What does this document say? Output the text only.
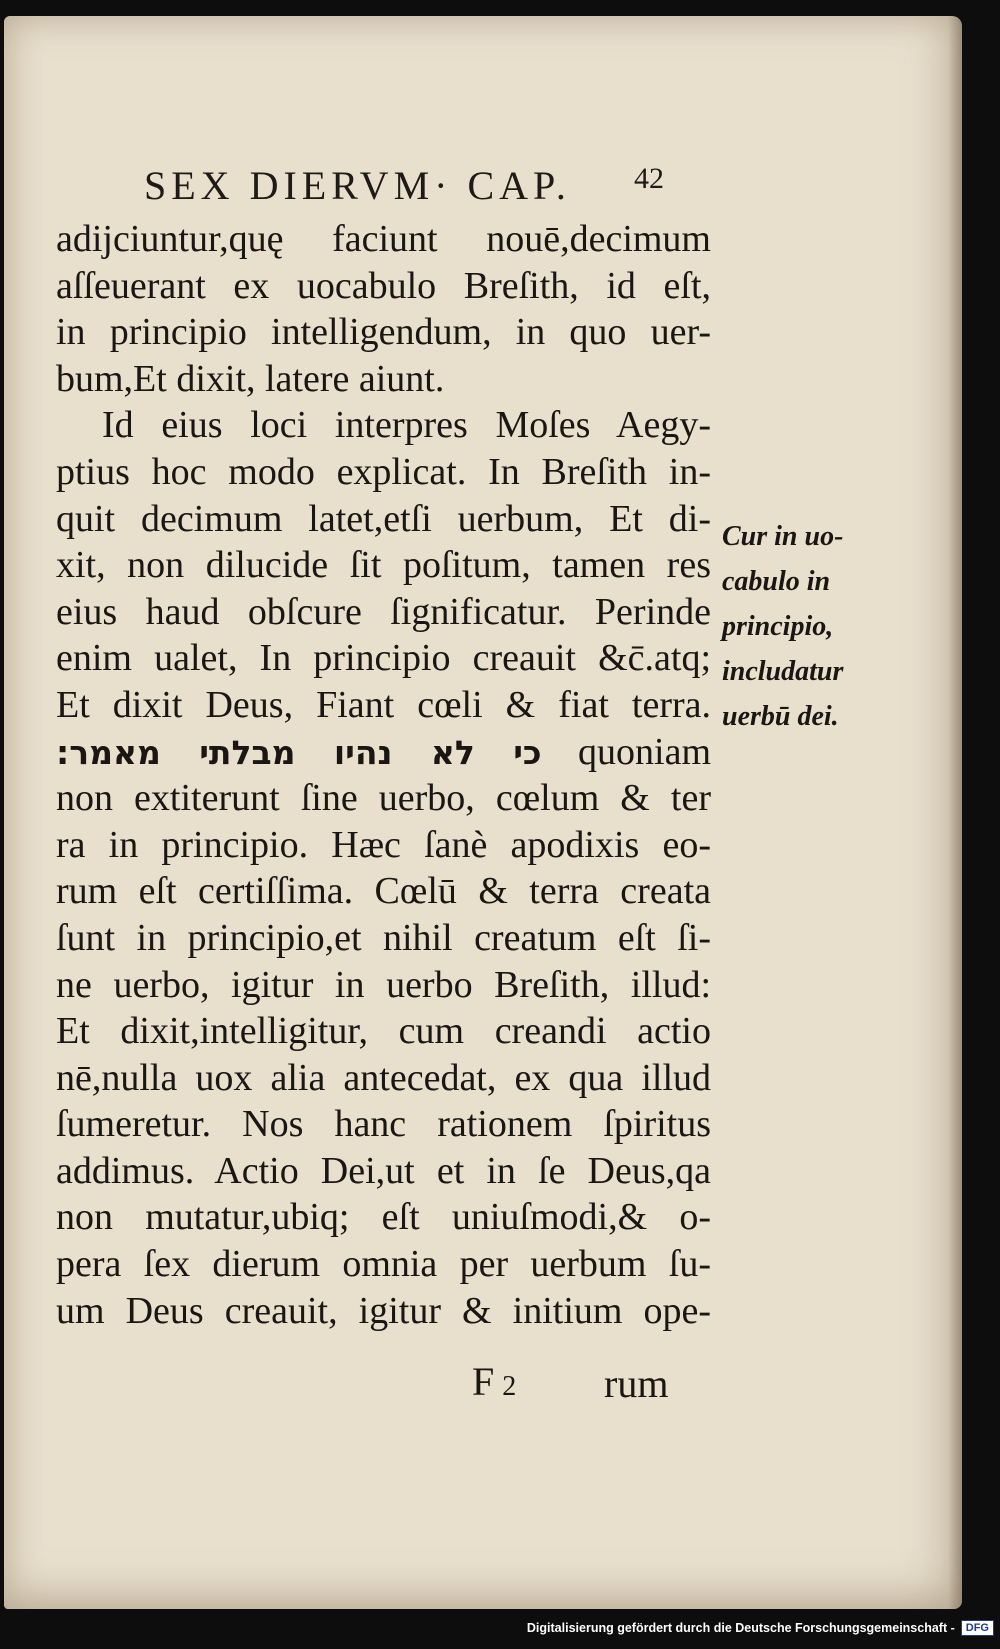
SEX DIERVM· CAP. 42
adijciuntur,quę faciunt nouē,decimum
aſſeuerant ex uocabulo Breſith, id eſt,
in principio intelligendum, in quo uer-
bum,Et dixit, latere aiunt.
Id eius loci interpres Moſes Aegy-
ptius hoc modo explicat. In Breſith in-
quit decimum latet,etſi uerbum, Et di-
xit, non dilucide ſit poſitum, tamen res
eius haud obſcure ſignificatur. Perinde
enim ualet, In principio creauit &c̄.atq;
Et dixit Deus, Fiant cœli & fiat terra.
כי לא נהיו מבלתי מאמר: quoniam
non extiterunt ſine uerbo, cœlum & ter
ra in principio. Hæc ſanè apodixis eo-
rum eſt certiſſima. Cœlū & terra creata
ſunt in principio,et nihil creatum eſt ſi-
ne uerbo, igitur in uerbo Breſith, illud:
Et dixit,intelligitur, cum creandi actio
nē,nulla uox alia antecedat, ex qua illud
ſumeretur. Nos hanc rationem ſpiritus
addimus. Actio Dei,ut et in ſe Deus,qa
non mutatur,ubiq; eſt uniuſmodi,& o-
pera ſex dierum omnia per uerbum ſu-
um Deus creauit, igitur & initium ope-
Cur in uo-
cabulo in
principio,
includatur
uerbū dei.
F 2 rum
Digitalisierung gefördert durch die Deutsche Forschungsgemeinschaft -	DFG
